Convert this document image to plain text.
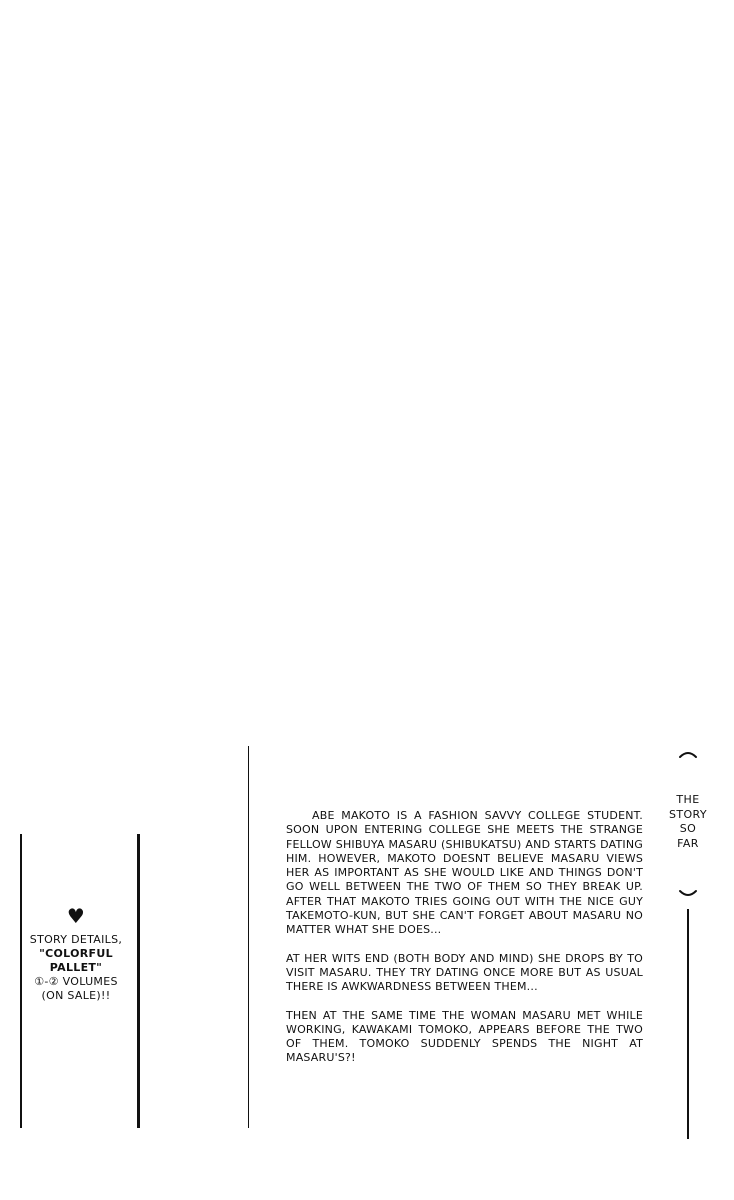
♥
STORY DETAILS,
"COLORFUL
PALLET"
①-② VOLUMES
(ON SALE)!!

ABE MAKOTO IS A FASHION SAVVY COLLEGE STUDENT. SOON UPON ENTERING COLLEGE SHE MEETS THE STRANGE FELLOW SHIBUYA MASARU (SHIBUKATSU) AND STARTS DATING HIM. HOWEVER, MAKOTO DOESNT BELIEVE MASARU VIEWS HER AS IMPORTANT AS SHE WOULD LIKE AND THINGS DON'T GO WELL BETWEEN THE TWO OF THEM SO THEY BREAK UP. AFTER THAT MAKOTO TRIES GOING OUT WITH THE NICE GUY TAKEMOTO-KUN, BUT SHE CAN'T FORGET ABOUT MASARU NO MATTER WHAT SHE DOES...

AT HER WITS END (BOTH BODY AND MIND) SHE DROPS BY TO VISIT MASARU. THEY TRY DATING ONCE MORE BUT AS USUAL THERE IS AWKWARDNESS BETWEEN THEM...

THEN AT THE SAME TIME THE WOMAN MASARU MET WHILE WORKING, KAWAKAMI TOMOKO, APPEARS BEFORE THE TWO OF THEM. TOMOKO SUDDENLY SPENDS THE NIGHT AT MASARU'S?!

THE
STORY
SO
FAR
